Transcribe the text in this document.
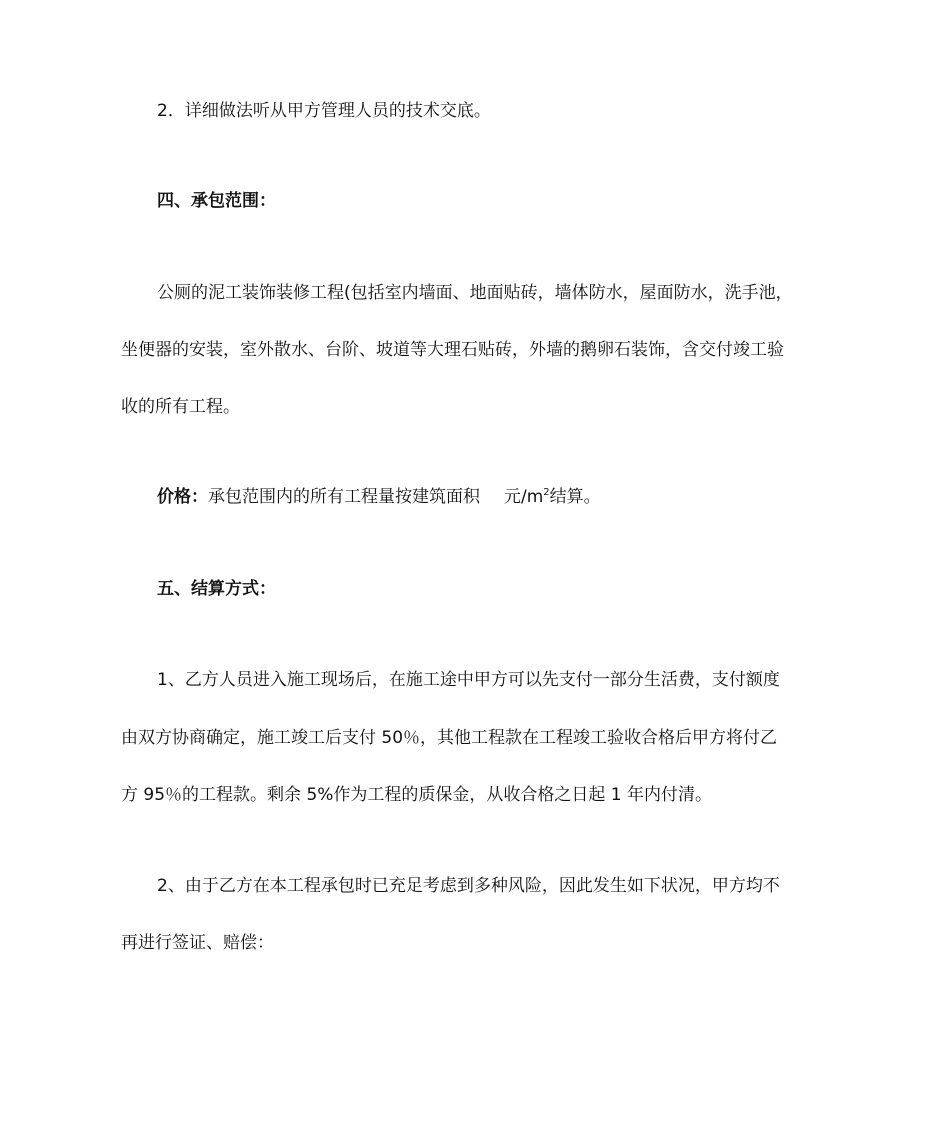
2．详细做法听从甲方管理人员的技术交底。
四、承包范围：
公厕的泥工装饰装修工程(包括室内墙面、地面贴砖，墙体防水，屋面防水，洗手池，
坐便器的安装，室外散水、台阶、坡道等大理石贴砖，外墙的鹅卵石装饰，含交付竣工验
收的所有工程。
价格：承包范围内的所有工程量按建筑面积 元$/m^2$结算。
五、结算方式：
1、乙方人员进入施工现场后，在施工途中甲方可以先支付一部分生活费，支付额度
由双方协商确定，施工竣工后支付 50％，其他工程款在工程竣工验收合格后甲方将付乙
方 95％的工程款。剩余 5%作为工程的质保金，从收合格之日起 1 年内付清。
2、由于乙方在本工程承包时已充足考虑到多种风险，因此发生如下状况，甲方均不
再进行签证、赔偿：
